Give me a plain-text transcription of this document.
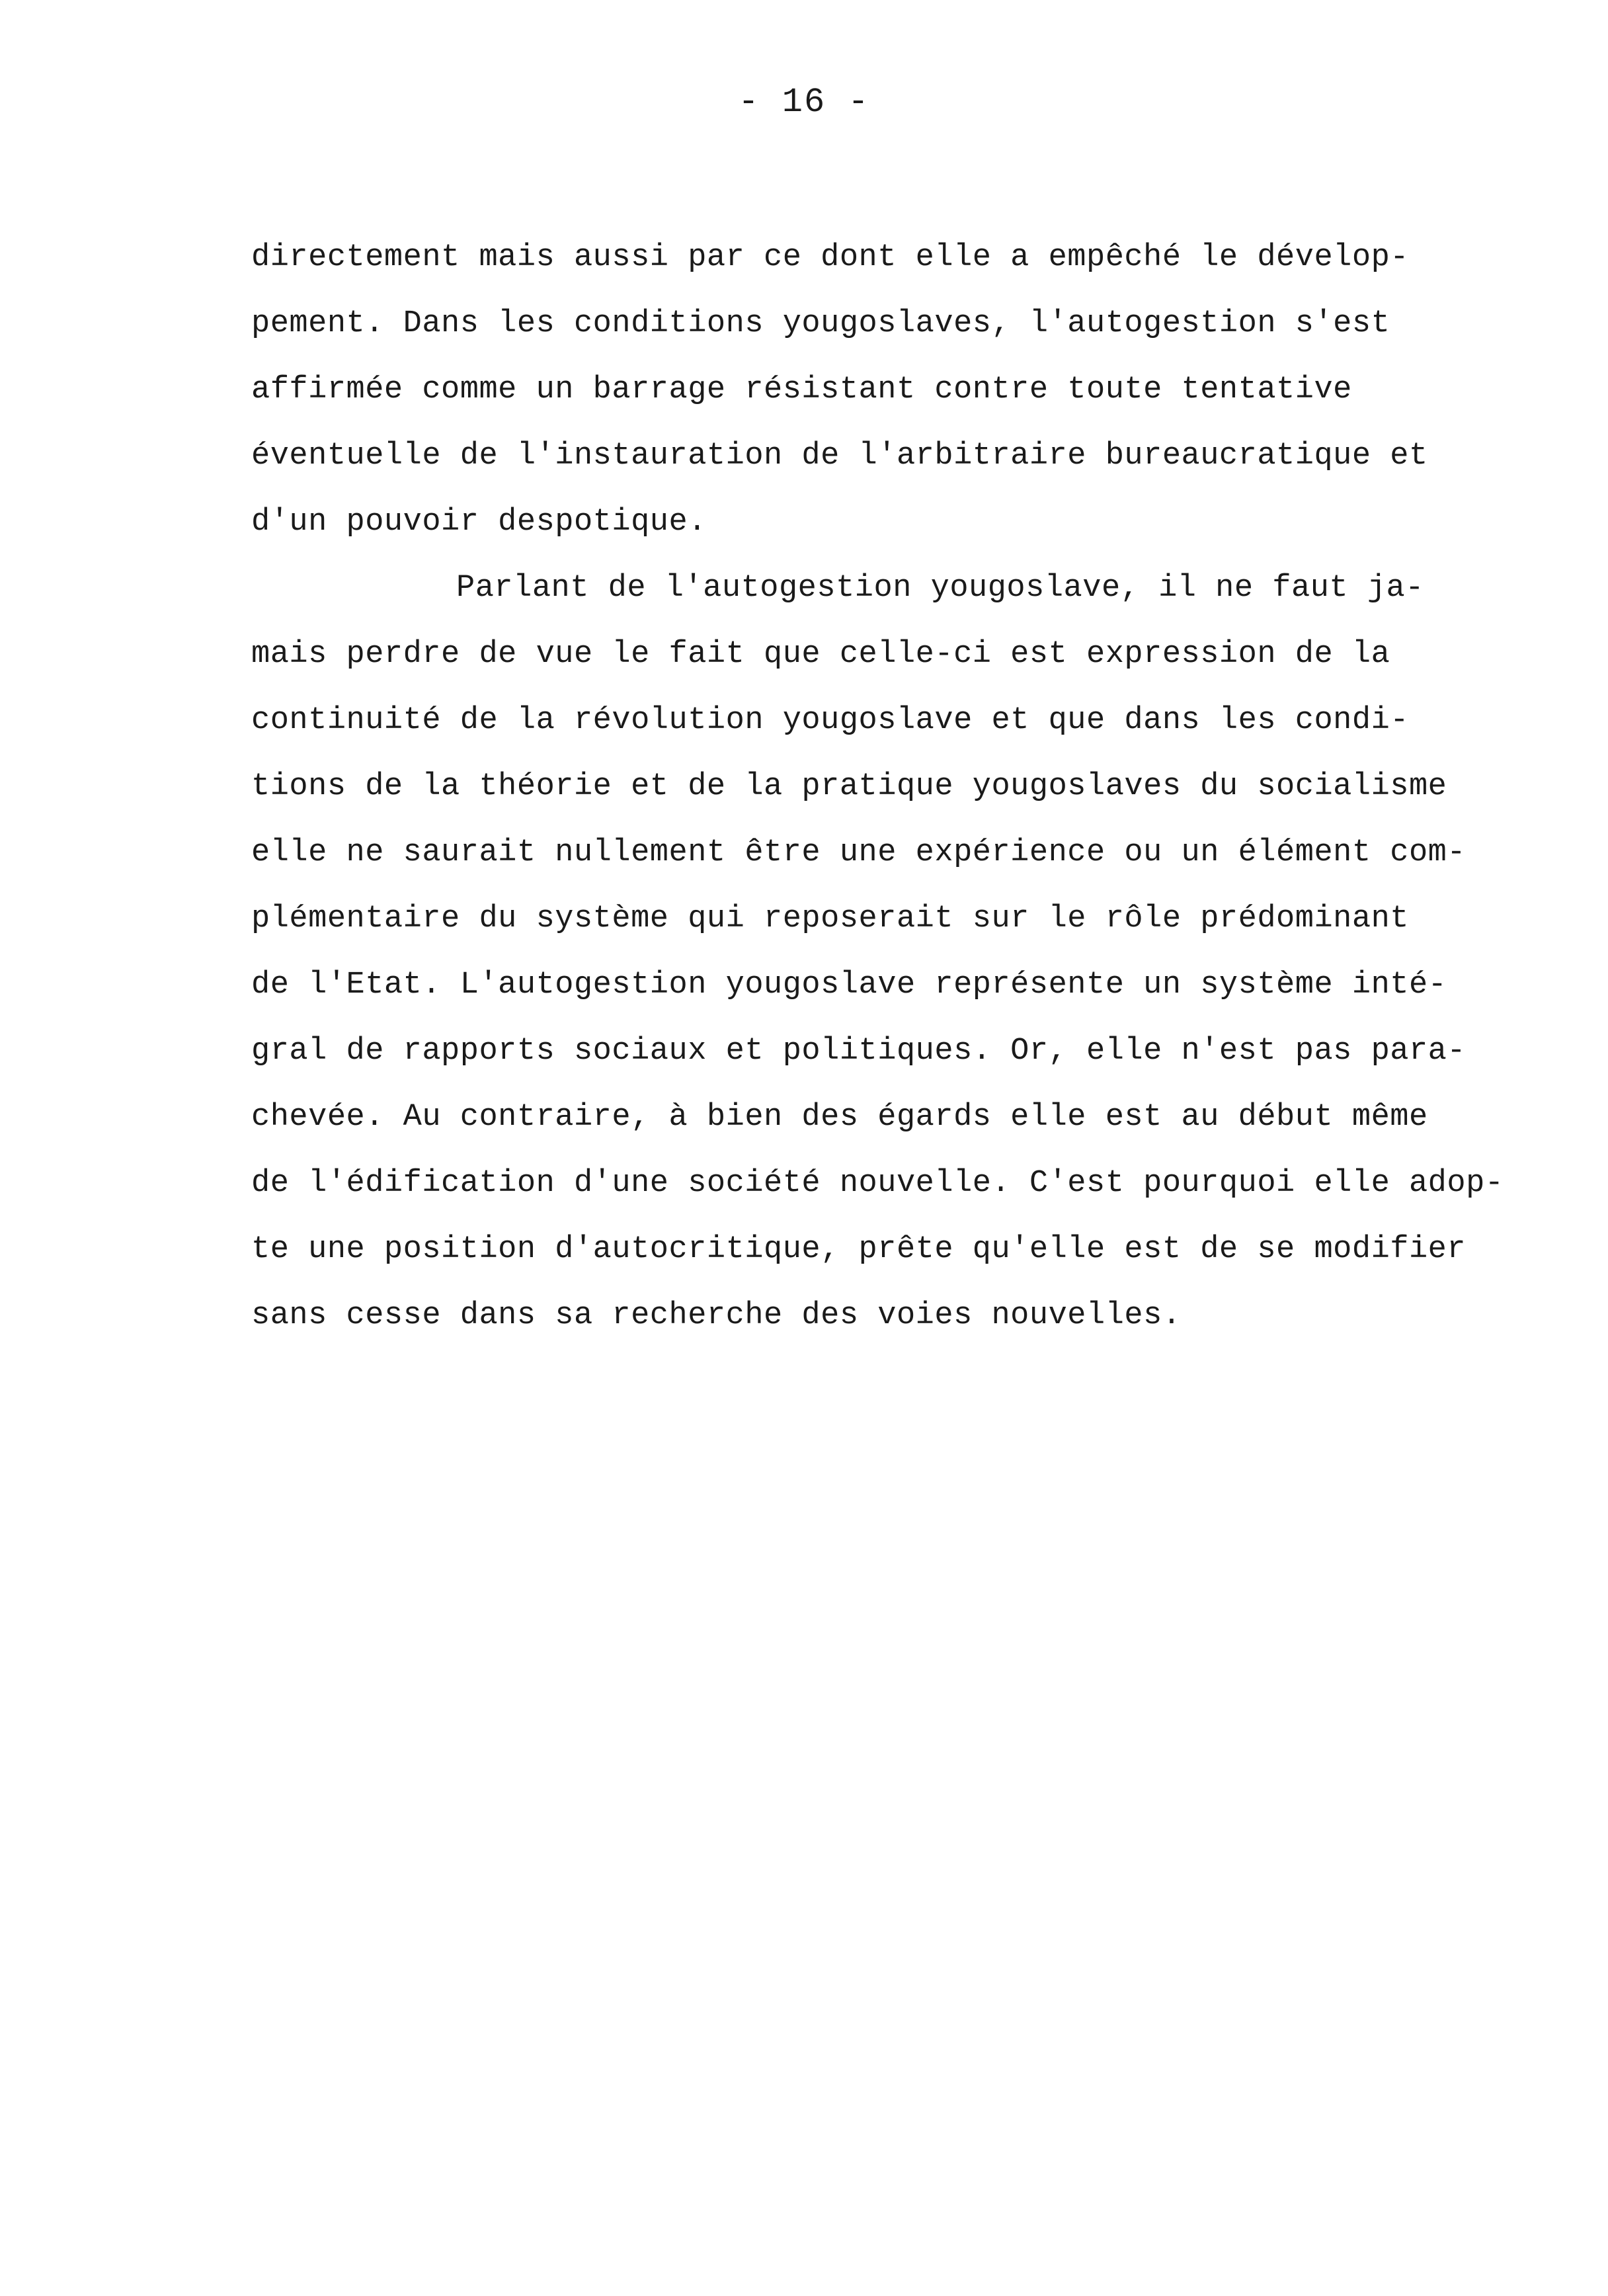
- 16 -
directement mais aussi par ce dont elle a empêché le dévelop-
pement. Dans les conditions yougoslaves, l'autogestion s'est
affirmée comme un barrage résistant contre toute tentative
éventuelle de l'instauration de l'arbitraire bureaucratique et
d'un pouvoir despotique.
Parlant de l'autogestion yougoslave, il ne faut ja-
mais perdre de vue le fait que celle-ci est expression de la
continuité de la révolution yougoslave et que dans les condi-
tions de la théorie et de la pratique yougoslaves du socialisme
elle ne saurait nullement être une expérience ou un élément com-
plémentaire du système qui reposerait sur le rôle prédominant
de l'Etat. L'autogestion yougoslave représente un système inté-
gral de rapports sociaux et politiques. Or, elle n'est pas para-
chevée. Au contraire, à bien des égards elle est au début même
de l'édification d'une société nouvelle. C'est pourquoi elle adop-
te une position d'autocritique, prête qu'elle est de se modifier
sans cesse dans sa recherche des voies nouvelles.
